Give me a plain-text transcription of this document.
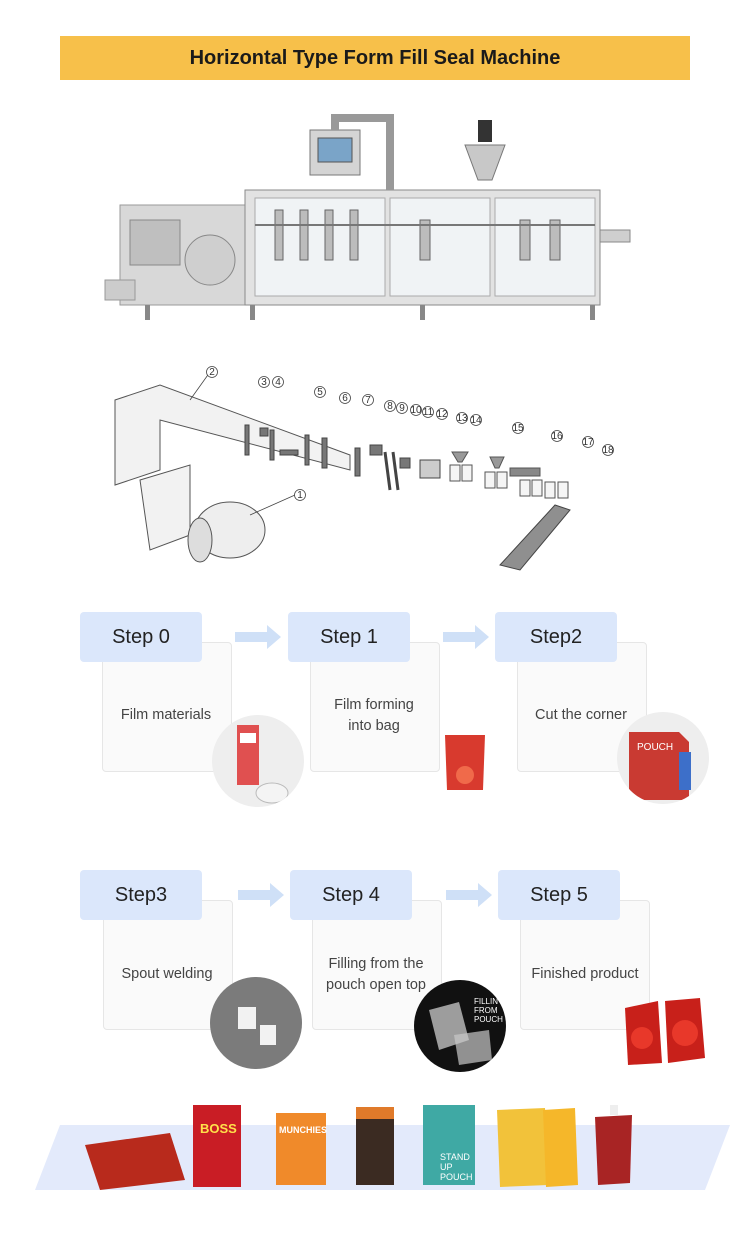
Horizontal Type Form Fill Seal Machine
1
2
3 4
5
6 7
8 9 10 11 12 13 14
15
16
17
18
Step 0
Film materials
Step 1
Film forming
into bag
Step2
Cut the corner
POUCH
Step3
Spout welding
Step 4
Filling from the
pouch open top
FILLIN
FROM
POUCH
Step 5
Finished product
BOSS	MUNCHIES
STAND
UP
POUCH
